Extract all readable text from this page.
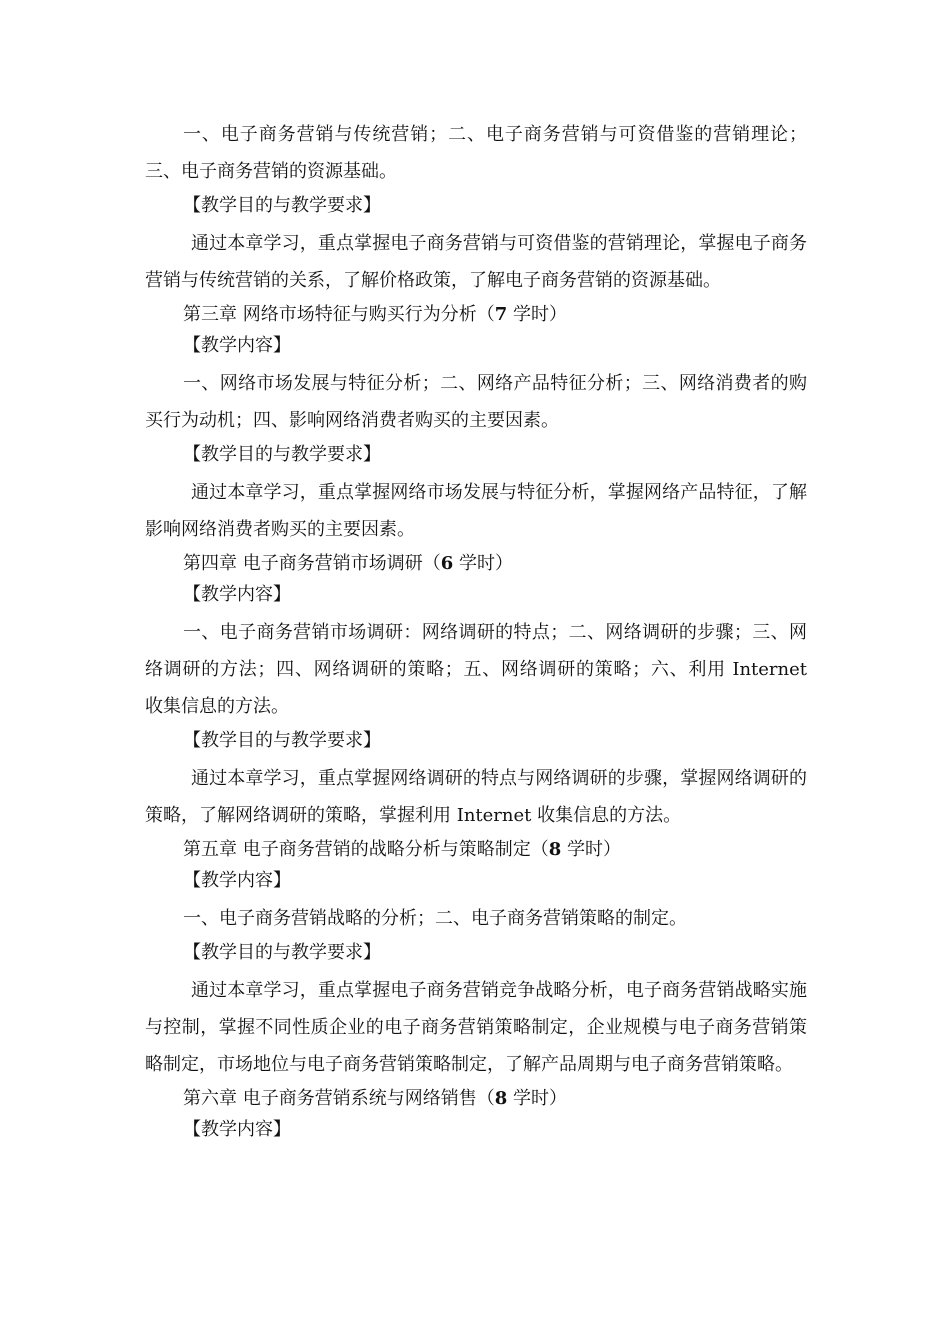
一、电子商务营销与传统营销；二、电子商务营销与可资借鉴的营销理论；三、电子商务营销的资源基础。

【教学目的与教学要求】

通过本章学习，重点掌握电子商务营销与可资借鉴的营销理论，掌握电子商务营销与传统营销的关系，了解价格政策，了解电子商务营销的资源基础。

第三章 网络市场特征与购买行为分析（7 学时）
【教学内容】

一、网络市场发展与特征分析；二、网络产品特征分析；三、网络消费者的购买行为动机；四、影响网络消费者购买的主要因素。

【教学目的与教学要求】

通过本章学习，重点掌握网络市场发展与特征分析，掌握网络产品特征，了解影响网络消费者购买的主要因素。

第四章 电子商务营销市场调研（6 学时）
【教学内容】

一、电子商务营销市场调研：网络调研的特点；二、网络调研的步骤；三、网络调研的方法；四、网络调研的策略；五、网络调研的策略；六、利用 Internet 收集信息的方法。

【教学目的与教学要求】

通过本章学习，重点掌握网络调研的特点与网络调研的步骤，掌握网络调研的策略，了解网络调研的策略，掌握利用 Internet 收集信息的方法。

第五章 电子商务营销的战略分析与策略制定（8 学时）
【教学内容】

一、电子商务营销战略的分析；二、电子商务营销策略的制定。

【教学目的与教学要求】

通过本章学习，重点掌握电子商务营销竞争战略分析，电子商务营销战略实施与控制，掌握不同性质企业的电子商务营销策略制定，企业规模与电子商务营销策略制定，市场地位与电子商务营销策略制定，了解产品周期与电子商务营销策略。

第六章 电子商务营销系统与网络销售（8 学时）
【教学内容】
